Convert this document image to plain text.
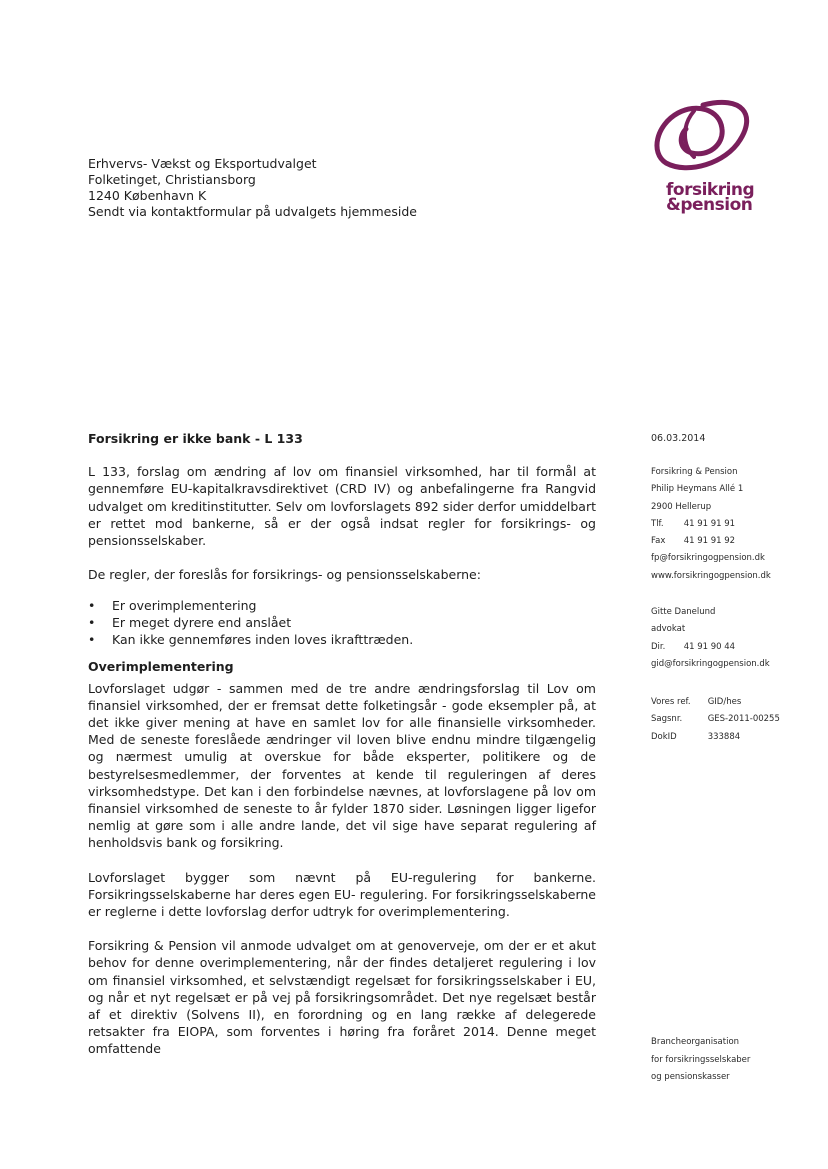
forsikring
&pension
Erhvervs- Vækst og Eksportudvalget
Folketinget, Christiansborg
1240 København K
Sendt via kontaktformular på udvalgets hjemmeside
Forsikring er ikke bank - L 133

L 133, forslag om ændring af lov om finansiel virksomhed, har til formål at gennemføre EU-kapitalkravsdirektivet (CRD IV) og anbefalingerne fra Rangvid udvalget om kreditinstitutter. Selv om lovforslagets 892 sider derfor umiddelbart er rettet mod bankerne, så er der også indsat regler for forsikrings- og pensionsselskaber.

De regler, der foreslås for forsikrings- og pensionsselskaberne:

• Er overimplementering
• Er meget dyrere end anslået
• Kan ikke gennemføres inden loves ikrafttræden.
Overimplementering

Lovforslaget udgør - sammen med de tre andre ændringsforslag til Lov om finansiel virksomhed, der er fremsat dette folketingsår - gode eksempler på, at det ikke giver mening at have en samlet lov for alle finansielle virksomheder. Med de seneste foreslåede ændringer vil loven blive endnu mindre tilgængelig og nærmest umulig at overskue for både eksperter, politikere og de bestyrelsesmedlemmer, der forventes at kende til reguleringen af deres virksomhedstype. Det kan i den forbindelse nævnes, at lovforslagene på lov om finansiel virksomhed de seneste to år fylder 1870 sider. Løsningen ligger ligefor nemlig at gøre som i alle andre lande, det vil sige have separat regulering af henholdsvis bank og forsikring.

Lovforslaget bygger som nævnt på EU-regulering for bankerne. Forsikringsselskaberne har deres egen EU- regulering. For forsikringsselskaberne er reglerne i dette lovforslag derfor udtryk for overimplementering.

Forsikring & Pension vil anmode udvalget om at genoverveje, om der er et akut behov for denne overimplementering, når der findes detaljeret regulering i lov om finansiel virksomhed, et selvstændigt regelsæt for forsikringsselskaber i EU, og når et nyt regelsæt er på vej på forsikringsområdet. Det nye regelsæt består af et direktiv (Solvens II), en forordning og en lang række af delegerede retsakter fra EIOPA, som forventes i høring fra foråret 2014. Denne meget omfattende

06.03.2014
Forsikring & Pension
Philip Heymans Allé 1
2900 Hellerup
Tlf. 41 91 91 91
Fax 41 91 91 92
fp@forsikringogpension.dk
www.forsikringogpension.dk
Gitte Danelund
advokat
Dir. 41 91 90 44
gid@forsikringogpension.dk
Vores ref. GID/hes
Sagsnr.	GES-2011-00255
DokID	333884
Brancheorganisation
for forsikringsselskaber
og pensionskasser
